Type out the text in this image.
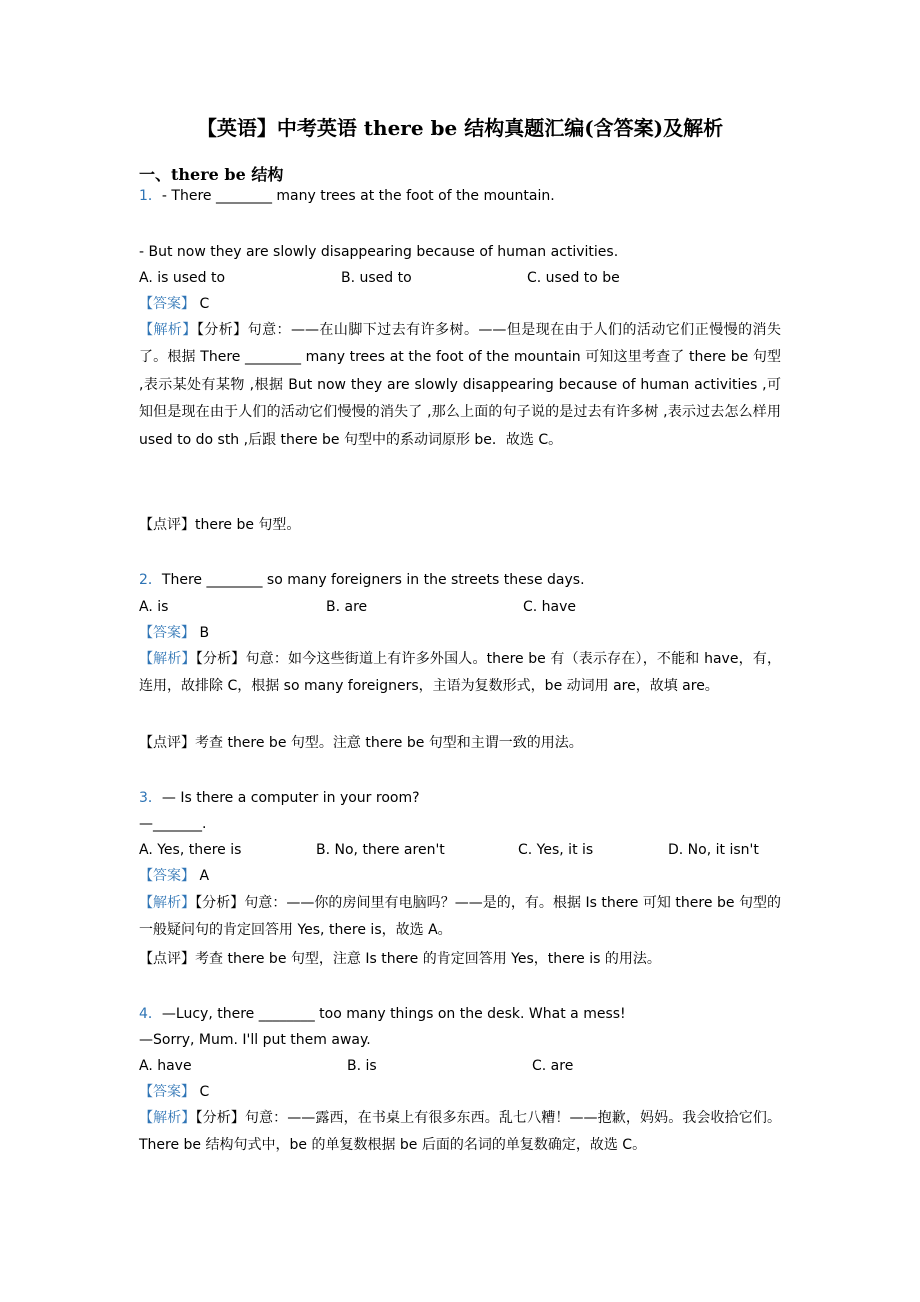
【英语】中考英语 there be 结构真题汇编(含答案)及解析
一、there be 结构
1．- There ________ many trees at the foot of the mountain.
- But now they are slowly disappearing because of human activities.
A. is used to	B. used to	C. used to be
【答案】 C
【解析】【分析】句意：——在山脚下过去有许多树。——但是现在由于人们的活动它们正慢慢的消失了。根据 There ________ many trees at the foot of the mountain 可知这里考查了 there be 句型 ,表示某处有某物 ,根据 But now they are slowly disappearing because of human activities ,可知但是现在由于人们的活动它们慢慢的消失了 ,那么上面的句子说的是过去有许多树 ,表示过去怎么样用 used to do sth ,后跟 there be 句型中的系动词原形 be．故选 C。
【点评】there be 句型。
2．There ________ so many foreigners in the streets these days.
A. is	B. are	C. have
【答案】 B
【解析】【分析】句意：如今这些街道上有许多外国人。there be 有（表示存在），不能和 have，有，连用，故排除 C，根据 so many foreigners，主语为复数形式，be 动词用 are，故填 are。
【点评】考查 there be 句型。注意 there be 句型和主谓一致的用法。
3．— Is there a computer in your room?
—_______.
A. Yes, there is	B. No, there aren't	C. Yes, it is	D. No, it isn't
【答案】 A
【解析】【分析】句意：——你的房间里有电脑吗？——是的，有。根据 Is there 可知 there be 句型的一般疑问句的肯定回答用 Yes, there is，故选 A。
【点评】考查 there be 句型，注意 Is there 的肯定回答用 Yes，there is 的用法。
4．—Lucy, there ________ too many things on the desk. What a mess!
—Sorry, Mum. I'll put them away.
A. have	B. is	C. are
【答案】 C
【解析】【分析】句意：——露西，在书桌上有很多东西。乱七八糟！——抱歉，妈妈。我会收拾它们。There be 结构句式中，be 的单复数根据 be 后面的名词的单复数确定，故选 C。
